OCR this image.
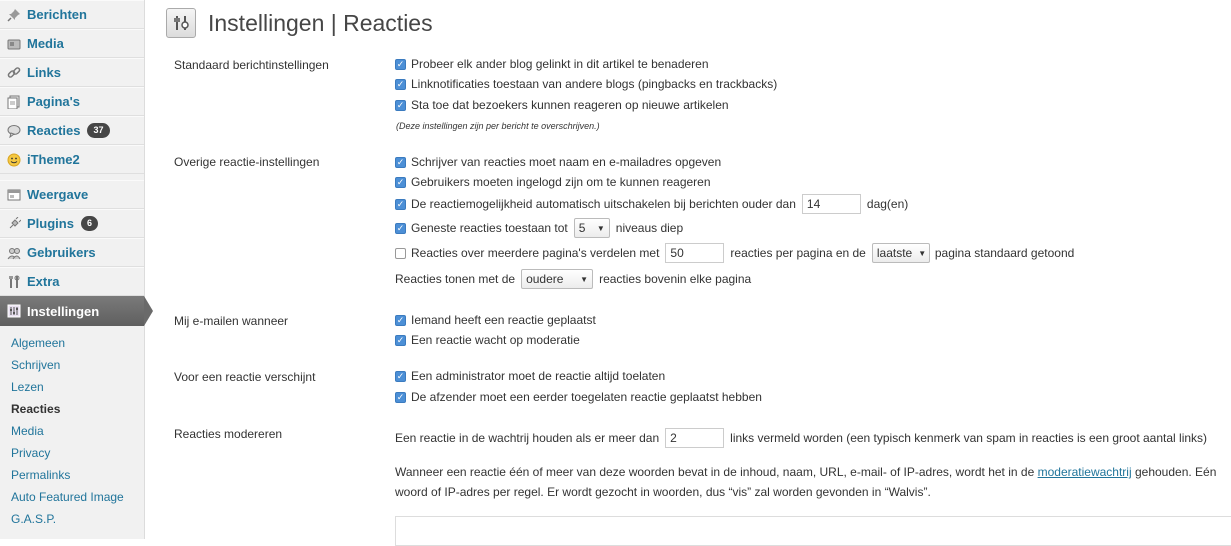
Berichten
Media
Links
Pagina's
Reacties	37
iTheme2
Weergave
Plugins	6
Gebruikers
Extra
Instellingen
Algemeen
Schrijven
Lezen
Reacties
Media
Privacy
Permalinks
Auto Featured Image
G.A.S.P.
Instellingen | Reacties
Standaard berichtinstellingen	✓ Probeer elk ander blog gelinkt in dit artikel te benaderen
✓ Linknotificaties toestaan van andere blogs (pingbacks en trackbacks)
✓ Sta toe dat bezoekers kunnen reageren op nieuwe artikelen
(Deze instellingen zijn per bericht te overschrijven.)
Overige reactie-instellingen	✓ Schrijver van reacties moet naam en e-mailadres opgeven
✓ Gebruikers moeten ingelogd zijn om te kunnen reageren
✓ De reactiemogelijkheid automatisch uitschakelen bij berichten ouder dan
14	dag(en)
✓ Geneste reacties toestaan tot 5 ▼ niveaus diep
Reacties over meerdere pagina's verdelen met
50	reacties per pagina en de laatste ▼ pagina standaard getoond
Reacties tonen met de oudere ▼ reacties bovenin elke pagina
Mij e-mailen wanneer	✓ Iemand heeft een reactie geplaatst
✓ Een reactie wacht op moderatie
Voor een reactie verschijnt	✓ Een administrator moet de reactie altijd toelaten
✓ De afzender moet een eerder toegelaten reactie geplaatst hebben
Reacties modereren	Een reactie in de wachtrij houden als er meer dan
2	links vermeld worden (een typisch kenmerk van spam in reacties is een groot aantal links)
Wanneer een reactie één of meer van deze woorden bevat in de inhoud, naam, URL, e-mail- of IP-adres, wordt het in de moderatiewachtrij gehouden. Eén woord of IP-adres per regel. Er wordt gezocht in woorden, dus “vis” zal worden gevonden in “Walvis”.
